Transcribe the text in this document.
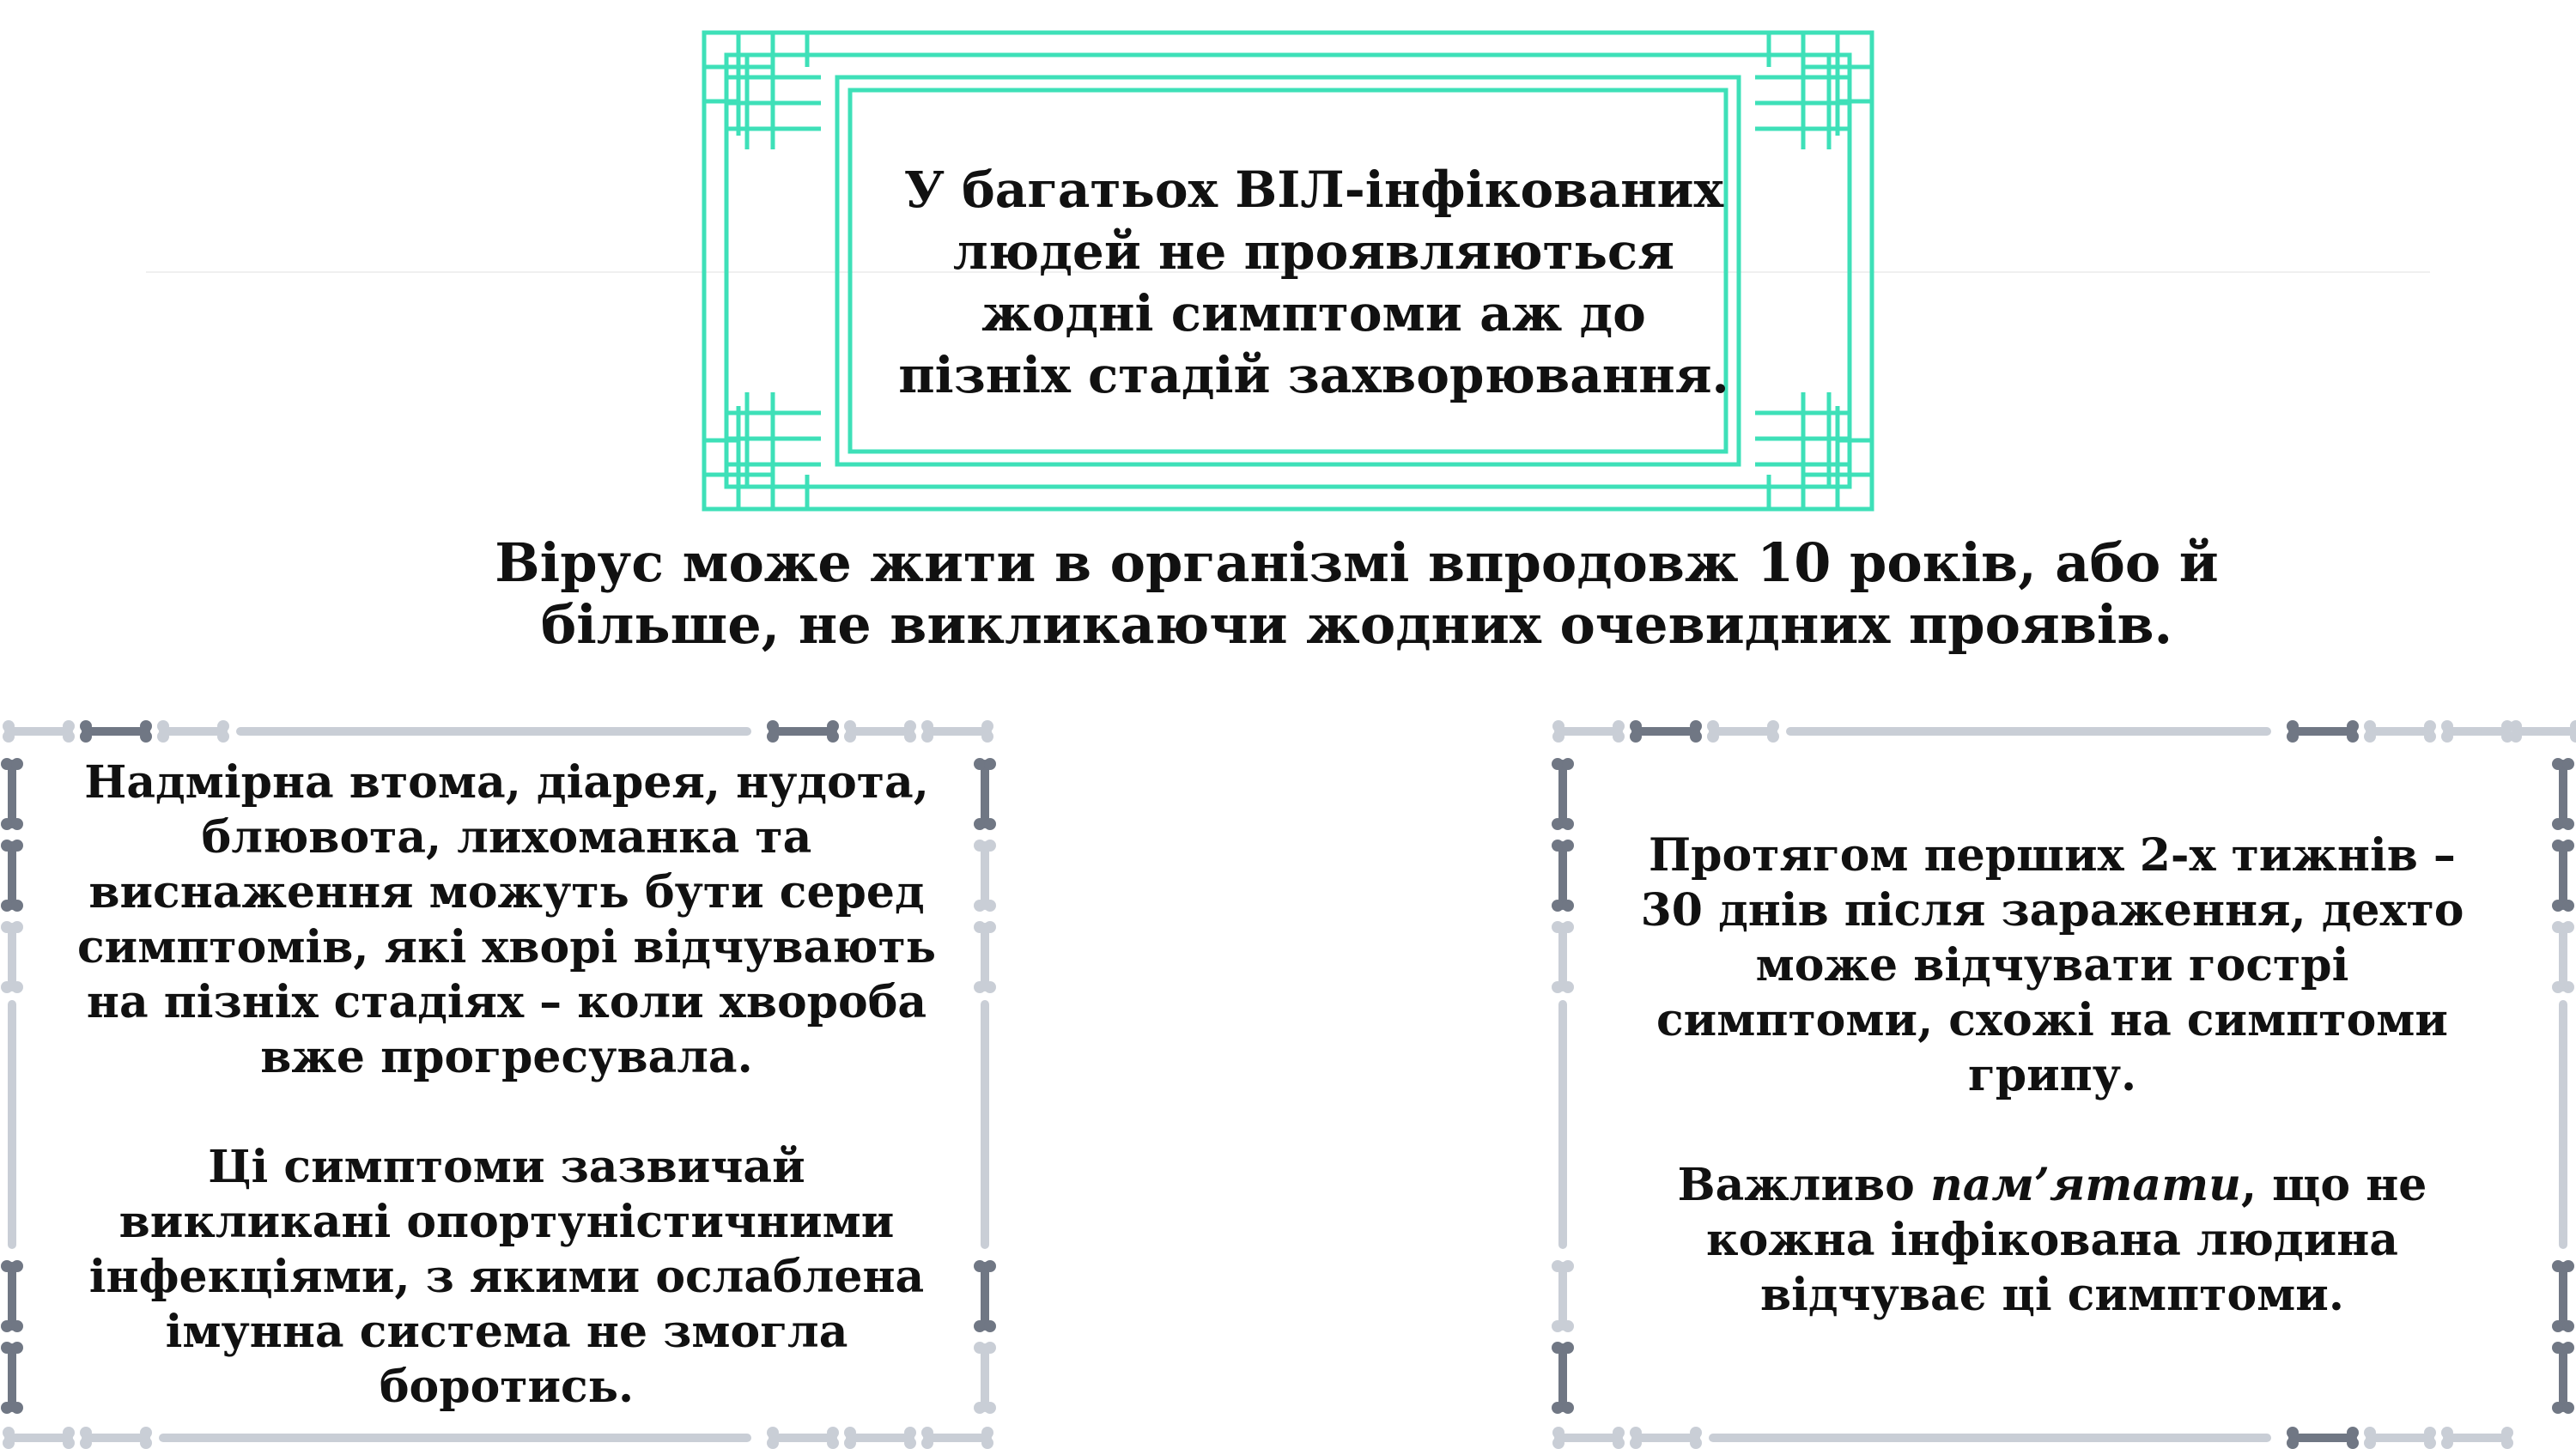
У багатьох ВІЛ-інфікованих
людей не проявляються
жодні симптоми аж до
пізніх стадій захворювання.
Вірус може жити в організмі впродовж 10 років, або й
більше, не викликаючи жодних очевидних проявів.
Надмірна втома, діарея, нудота,
блювота, лихоманка та
виснаження можуть бути серед
симптомів, які хворі відчувають
на пізніх стадіях – коли хвороба
вже прогресувала.
Ці симптоми зазвичай
викликані опортуністичними
інфекціями, з якими ослаблена
імунна система не змогла
боротись.
Протягом перших 2-х тижнів –
30 днів після зараження, дехто
може відчувати гострі
симптоми, схожі на симптоми
грипу.
Важливо пам’ятати, що не
кожна інфікована людина
відчуває ці симптоми.
